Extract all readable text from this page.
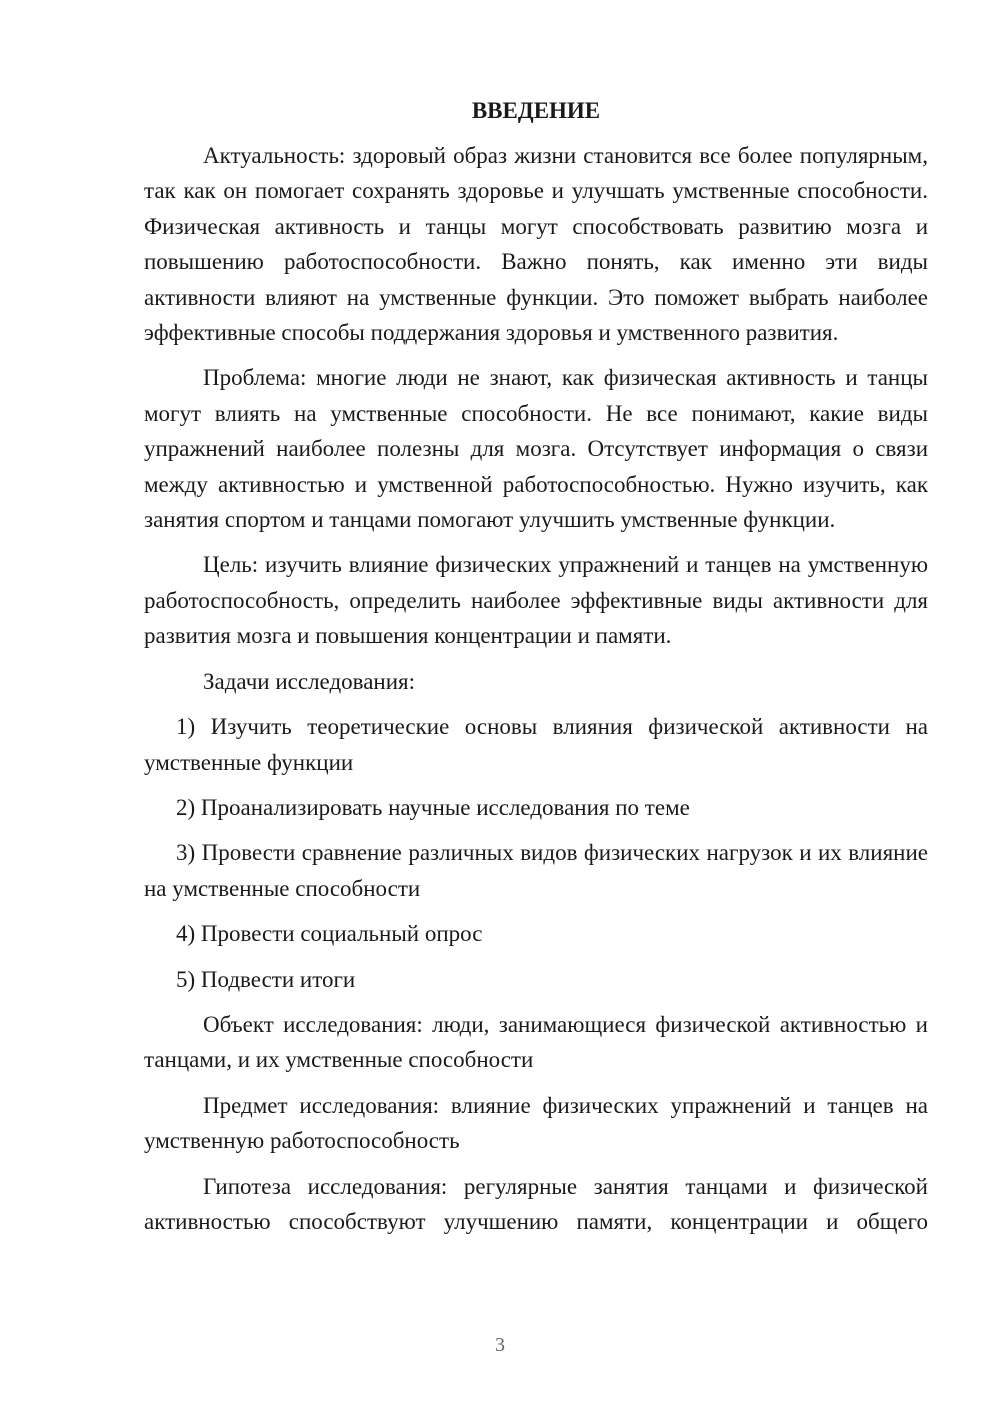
ВВЕДЕНИЕ

Актуальность: здоровый образ жизни становится все более популярным, так как он помогает сохранять здоровье и улучшать умственные способности. Физическая активность и танцы могут способствовать развитию мозга и повышению работоспособности. Важно понять, как именно эти виды активности влияют на умственные функции. Это поможет выбрать наиболее эффективные способы поддержания здоровья и умственного развития.

Проблема: многие люди не знают, как физическая активность и танцы могут влиять на умственные способности. Не все понимают, какие виды упражнений наиболее полезны для мозга. Отсутствует информация о связи между активностью и умственной работоспособностью. Нужно изучить, как занятия спортом и танцами помогают улучшить умственные функции.

Цель: изучить влияние физических упражнений и танцев на умственную работоспособность, определить наиболее эффективные виды активности для развития мозга и повышения концентрации и памяти.

Задачи исследования:

1) Изучить теоретические основы влияния физической активности на умственные функции

2) Проанализировать научные исследования по теме

3) Провести сравнение различных видов физических нагрузок и их влияние на умственные способности

4) Провести социальный опрос

5) Подвести итоги

Объект исследования: люди, занимающиеся физической активностью и танцами, и их умственные способности

Предмет исследования: влияние физических упражнений и танцев на умственную работоспособность

Гипотеза исследования: регулярные занятия танцами и физической активностью способствуют улучшению памяти, концентрации и общего

3
